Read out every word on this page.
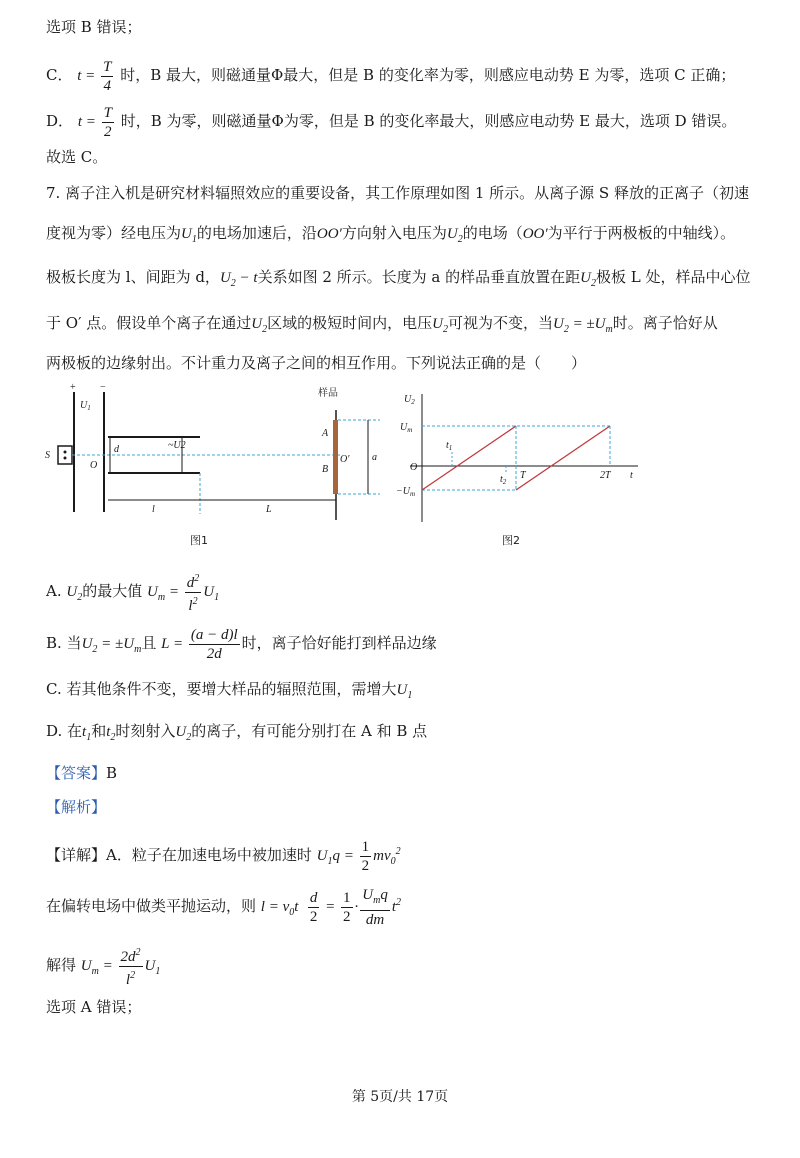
选项 B 错误；
C． $t = \frac{T}{4}$ 时，B 最大，则磁通量Φ最大，但是 B 的变化率为零，则感应电动势 E 为零，选项 C 正确；
D． $t = \frac{T}{2}$ 时，B 为零，则磁通量Φ为零，但是 B 的变化率最大，则感应电动势 E 最大，选项 D 错误。
故选 C。
7. 离子注入机是研究材料辐照效应的重要设备，其工作原理如图 1 所示。从离子源 S 释放的正离子（初速
度视为零）经电压为$U_1$的电场加速后，沿OO′方向射入电压为$U_2$的电场（OO′为平行于两极板的中轴线）。
极板长度为 l、间距为 d，$U_2 - t$关系如图 2 所示。长度为 a 的样品垂直放置在距$U_2$极板 L 处，样品中心位
于 O′ 点。假设单个离子在通过$U_2$区域的极短时间内，电压$U_2$可视为不变，当$U_2 = \pm U_m$时。离子恰好从
两极板的边缘射出。不计重力及离子之间的相互作用。下列说法正确的是（　　）
+ −
$U_1$
S
O
d	~U2
l	L
样品
a
A
B
O′
$U_2$
$U_m$
$-U_m$
O
$t_1$
$t_2$
T	2T t
图1	图2
A. $U_2$的最大值 $U_m = \frac{d^2}{l^2} U_1$
B. 当$U_2 = \pm U_m$且 $L = \frac{(a - d)l}{2d}$ 时，离子恰好能打到样品边缘
C. 若其他条件不变，要增大样品的辐照范围，需增大$U_1$
D. 在$t_1$和$t_2$时刻射入$U_2$的离子，有可能分别打在 A 和 B 点
【答案】B
【解析】
【详解】A．粒子在加速电场中被加速时 $U_1q = \frac{1}{2} mv_0^2$
在偏转电场中做类平抛运动，则 $l = v_0t \frac{d}{2} = \frac{1}{2} \cdot \frac{U_mq}{dm} t^2$
解得 $U_m = \frac{2d^2}{l^2} U_1$
选项 A 错误；
第 5页/共 17页
